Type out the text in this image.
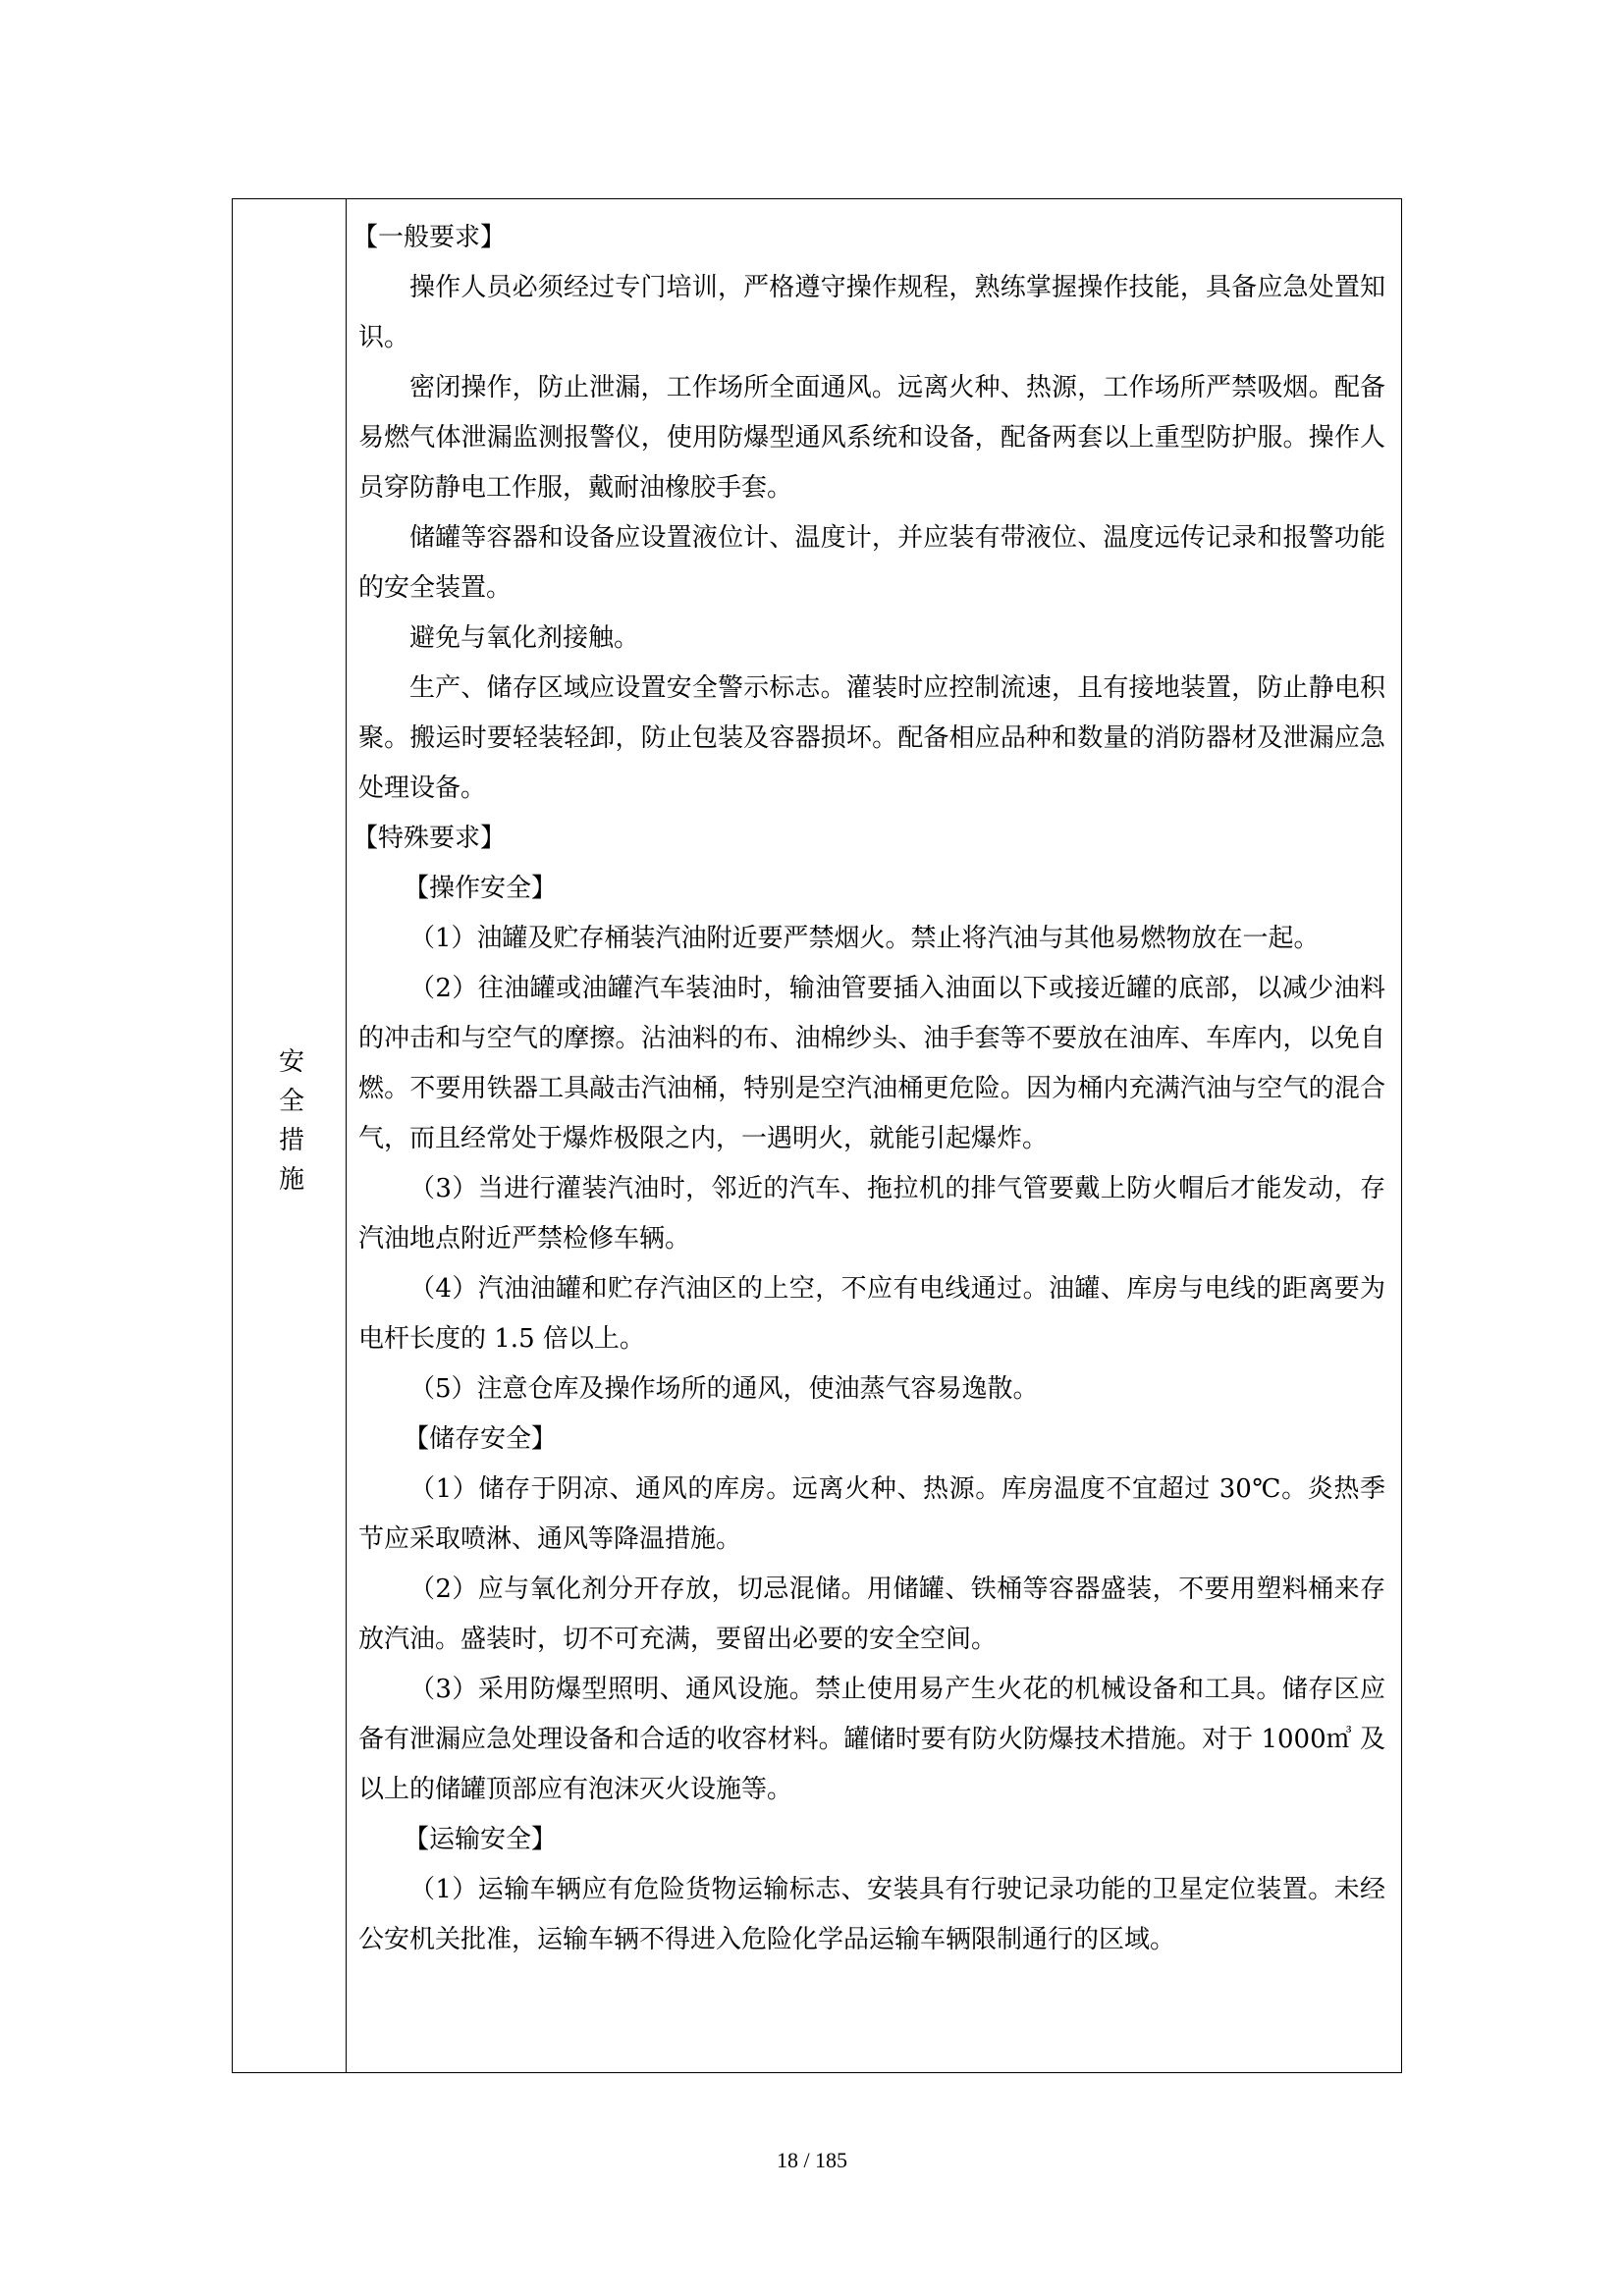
安全措施

【一般要求】

操作人员必须经过专门培训，严格遵守操作规程，熟练掌握操作技能，具备应急处置知识。

密闭操作，防止泄漏，工作场所全面通风。远离火种、热源，工作场所严禁吸烟。配备易燃气体泄漏监测报警仪，使用防爆型通风系统和设备，配备两套以上重型防护服。操作人员穿防静电工作服，戴耐油橡胶手套。

储罐等容器和设备应设置液位计、温度计，并应装有带液位、温度远传记录和报警功能的安全装置。

避免与氧化剂接触。

生产、储存区域应设置安全警示标志。灌装时应控制流速，且有接地装置，防止静电积聚。搬运时要轻装轻卸，防止包装及容器损坏。配备相应品种和数量的消防器材及泄漏应急处理设备。

【特殊要求】

【操作安全】

（1）油罐及贮存桶装汽油附近要严禁烟火。禁止将汽油与其他易燃物放在一起。

（2）往油罐或油罐汽车装油时，输油管要插入油面以下或接近罐的底部，以减少油料的冲击和与空气的摩擦。沾油料的布、油棉纱头、油手套等不要放在油库、车库内，以免自燃。不要用铁器工具敲击汽油桶，特别是空汽油桶更危险。因为桶内充满汽油与空气的混合气，而且经常处于爆炸极限之内，一遇明火，就能引起爆炸。

（3）当进行灌装汽油时，邻近的汽车、拖拉机的排气管要戴上防火帽后才能发动，存汽油地点附近严禁检修车辆。

（4）汽油油罐和贮存汽油区的上空，不应有电线通过。油罐、库房与电线的距离要为电杆长度的 1.5 倍以上。

（5）注意仓库及操作场所的通风，使油蒸气容易逸散。

【储存安全】

（1）储存于阴凉、通风的库房。远离火种、热源。库房温度不宜超过 30℃。炎热季节应采取喷淋、通风等降温措施。

（2）应与氧化剂分开存放，切忌混储。用储罐、铁桶等容器盛装，不要用塑料桶来存放汽油。盛装时，切不可充满，要留出必要的安全空间。

（3）采用防爆型照明、通风设施。禁止使用易产生火花的机械设备和工具。储存区应备有泄漏应急处理设备和合适的收容材料。罐储时要有防火防爆技术措施。对于 1000㎥ 及以上的储罐顶部应有泡沫灭火设施等。

【运输安全】

（1）运输车辆应有危险货物运输标志、安装具有行驶记录功能的卫星定位装置。未经公安机关批准，运输车辆不得进入危险化学品运输车辆限制通行的区域。

18 / 185
